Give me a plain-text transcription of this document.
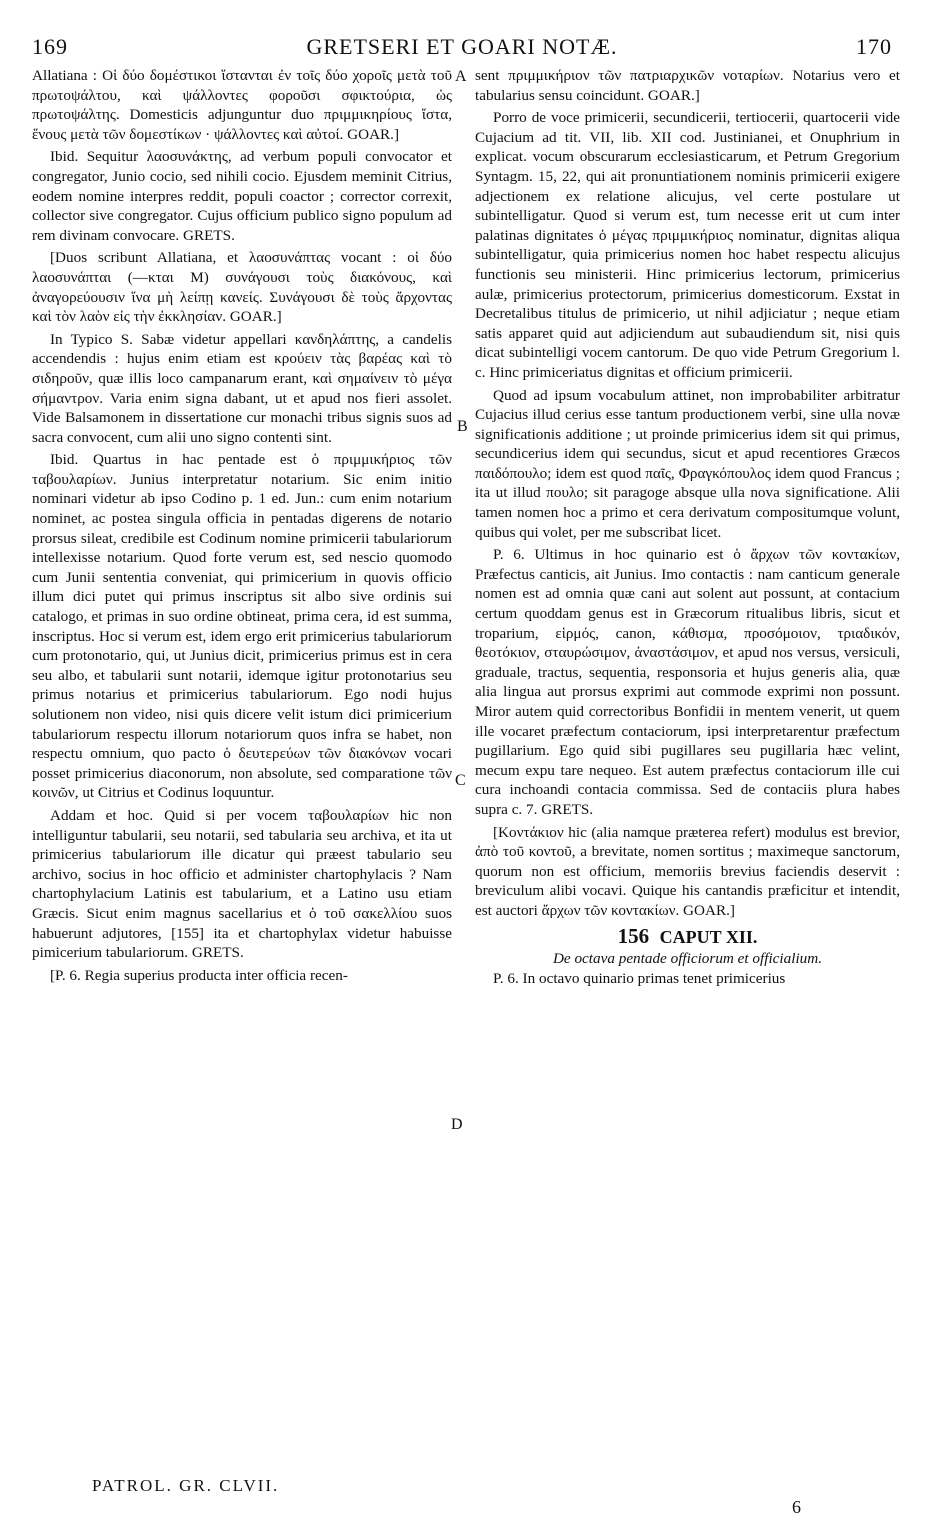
169	GRETSERI ET GOARI NOTÆ.	170
A
B
C
D

Allatiana : Οἱ δύο δομέστικοι ἵστανται ἐν τοῖς δύο χοροῖς μετὰ τοῦ πρωτοψάλτου, καὶ ψάλλοντες φοροῦσι σφικτούρια, ὡς πρωτοψάλτης. Domesticis adjunguntur duo πριμμικηρίους ἴστα, ἕνους μετὰ τῶν δομεστίκων · ψάλλοντες καὶ αὐτοί. GOAR.]

Ibid. Sequitur λαοσυνάκτης, ad verbum populi convocator et congregator, Junio cocio, sed nihili cocio. Ejusdem meminit Citrius, eodem nomine interpres reddit, populi coactor ; corrector correxit, collector sive congregator. Cujus officium publico signo populum ad rem divinam convocare. GRETS.

[Duos scribunt Allatiana, et λαοσυνάπτας vocant : οἱ δύο λαοσυνάπται (—κται M) συνάγουσι τοὺς διακόνους, καὶ ἀναγορεύουσιν ἵνα μὴ λείπῃ κανείς. Συνάγουσι δὲ τοὺς ἄρχοντας καὶ τὸν λαὸν εἰς τὴν ἐκκλησίαν. GOAR.]

In Typico S. Sabæ videtur appellari κανδηλάπτης, a candelis accendendis : hujus enim etiam est κρούειν τὰς βαρέας καὶ τὸ σιδηροῦν, quæ illis loco campanarum erant, καὶ σημαίνειν τὸ μέγα σήμαντρον. Varia enim signa dabant, ut et apud nos fieri assolet. Vide Balsamonem in dissertatione cur monachi tribus signis suos ad sacra convocent, cum alii uno signo contenti sint.

Ibid. Quartus in hac pentade est ὁ πριμμικήριος τῶν ταβουλαρίων. Junius interpretatur notarium. Sic enim initio nominari videtur ab ipso Codino p. 1 ed. Jun.: cum enim notarium nominet, ac postea singula officia in pentadas digerens de notario prorsus sileat, credibile est Codinum nomine primicerii tabulariorum intellexisse notarium. Quod forte verum est, sed nescio quomodo cum Junii sententia conveniat, qui primicerium in quovis officio illum dici putet qui primus inscriptus sit albo sive ordinis sui catalogo, et primas in suo ordine obtineat, prima cera, id est summa, inscriptus. Hoc si verum est, idem ergo erit primicerius tabulariorum cum protonotario, qui, ut Junius dicit, primicerius primus est in cera seu albo, et tabularii sunt notarii, idemque igitur protonotarius seu primus notarius et primicerius tabulariorum. Ego nodi hujus solutionem non video, nisi quis dicere velit istum dici primicerium tabulariorum respectu illorum notariorum quos infra se habet, non respectu omnium, quo pacto ὁ δευτερεύων τῶν διακόνων vocari posset primicerius diaconorum, non absolute, sed comparatione τῶν κοινῶν, ut Citrius et Codinus loquuntur.

Addam et hoc. Quid si per vocem ταβουλαρίων hic non intelliguntur tabularii, seu notarii, sed tabularia seu archiva, et ita ut primicerius tabulariorum ille dicatur qui præest tabulario seu archivo, socius in hoc officio et administer chartophylacis ? Nam chartophylacium Latinis est tabularium, et a Latino usu etiam Græcis. Sicut enim magnus sacellarius et ὁ τοῦ σακελλίου suos habuerunt adjutores, [155] ita et chartophylax videtur habuisse pimicerium tabulariorum. GRETS.

[P. 6. Regia superius producta inter officia recen-

sent πριμμικήριον τῶν πατριαρχικῶν νοταρίων. Notarius vero et tabularius sensu coincidunt. GOAR.]

Porro de voce primicerii, secundicerii, tertiocerii, quartocerii vide Cujacium ad tit. VII, lib. XII cod. Justinianei, et Onuphrium in explicat. vocum obscurarum ecclesiasticarum, et Petrum Gregorium Syntagm. 15, 22, qui ait pronuntiationem nominis primicerii exigere adjectionem ex relatione alicujus, vel certe postulare ut subintelligatur. Quod si verum est, tum necesse erit ut cum inter palatinas dignitates ὁ μέγας πριμμικήριος nominatur, dignitas aliqua subintelligatur, quia primicerius nomen hoc habet respectu alicujus functionis seu ministerii. Hinc primicerius lectorum, primicerius aulæ, primicerius protectorum, primicerius domesticorum. Exstat in Decretalibus titulus de primicerio, ut nihil adjiciatur ; neque etiam satis apparet quid aut adjiciendum aut subaudiendum sit, nisi quis dicat subintelligi vocem cantorum. De quo vide Petrum Gregorium l. c. Hinc primiceriatus dignitas et officium primicerii.

Quod ad ipsum vocabulum attinet, non improbabiliter arbitratur Cujacius illud cerius esse tantum productionem verbi, sine ulla novæ significationis additione ; ut proinde primicerius idem sit qui primus, secundicerius idem qui secundus, sicut et apud recentiores Græcos παιδόπουλο; idem est quod παῖς, Φραγκόπουλος idem quod Francus ; ita ut illud πουλο; sit paragoge absque ulla nova significatione. Alii tamen nomen hoc a primo et cera derivatum compositumque volunt, quibus qui volet, per me subscribat licet.

P. 6. Ultimus in hoc quinario est ὁ ἄρχων τῶν κοντακίων, Præfectus canticis, ait Junius. Imo contactis : nam canticum generale nomen est ad omnia quæ cani aut solent aut possunt, at contacium certum quoddam genus est in Græcorum ritualibus libris, sicut et troparium, εἱρμός, canon, κάθισμα, προσόμοιον, τριαδικόν, θεοτόκιον, σταυρώσιμον, ἀναστάσιμον, et apud nos versus, versiculi, graduale, tractus, sequentia, responsoria et hujus generis alia, quæ alia lingua aut prorsus exprimi aut commode exprimi non possunt. Miror autem quid correctoribus Bonfidii in mentem venerit, ut quem ille vocaret præfectum contaciorum, ipsi interpretarentur præfectum pugillarium. Ego quid sibi pugillares seu pugillaria hæc velint, mecum expu tare nequeo. Est autem præfectus contaciorum ille cui cura inchoandi contacia commissa. Sed de contaciis plura habes supra c. 7. GRETS.

[Κοντάκιον hic (alia namque præterea refert) modulus est brevior, ἀπὸ τοῦ κοντοῦ, a brevitate, nomen sortitus ; maximeque sanctorum, quorum non est officium, memoriis brevius faciendis deservit : breviculum alibi vocavi. Quique his cantandis præficitur et intendit, est auctori ἄρχων τῶν κοντακίων. GOAR.]

156 CAPUT XII.

De octava pentade officiorum et officialium.

P. 6. In octavo quinario primas tenet primicerius

PATROL. GR. CLVII.
6
